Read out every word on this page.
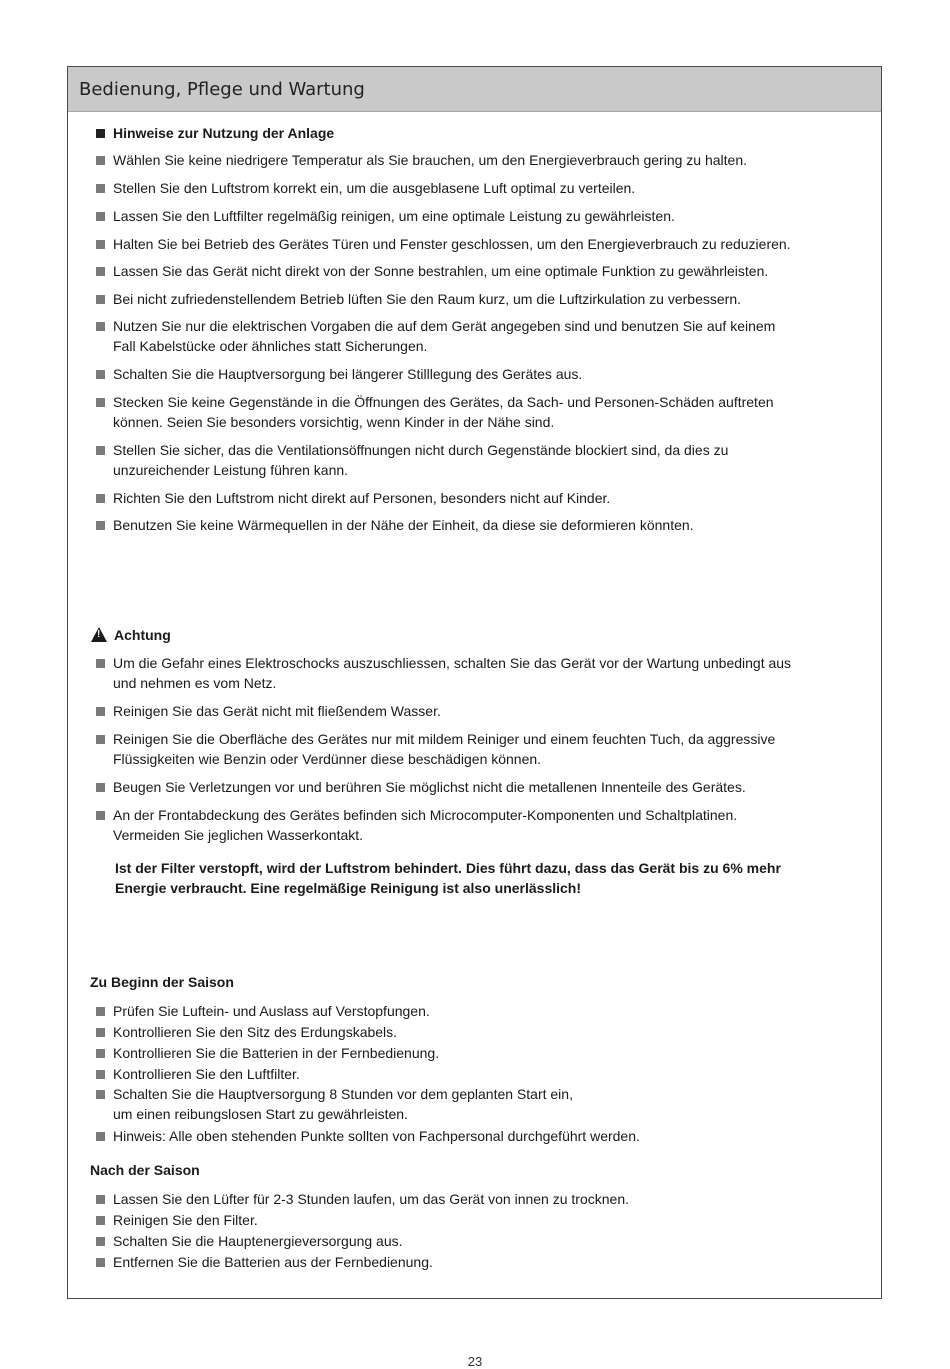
Bedienung, Pflege und Wartung
Hinweise zur Nutzung der Anlage
Wählen Sie keine niedrigere Temperatur als Sie brauchen, um den Energieverbrauch gering zu halten.
Stellen Sie den Luftstrom korrekt ein, um die ausgeblasene Luft optimal zu verteilen.
Lassen Sie den Luftfilter regelmäßig reinigen, um eine optimale Leistung zu gewährleisten.
Halten Sie bei Betrieb des Gerätes Türen und Fenster geschlossen, um den Energieverbrauch zu reduzieren.
Lassen Sie das Gerät nicht direkt von der Sonne bestrahlen, um eine optimale Funktion zu gewährleisten.
Bei nicht zufriedenstellendem Betrieb lüften Sie den Raum kurz, um die Luftzirkulation zu verbessern.
Nutzen Sie nur die elektrischen Vorgaben die auf dem Gerät angegeben sind und benutzen Sie auf keinem
Fall Kabelstücke oder ähnliches statt Sicherungen.
Schalten Sie die Hauptversorgung bei längerer Stilllegung des Gerätes aus.
Stecken Sie keine Gegenstände in die Öffnungen des Gerätes, da Sach- und Personen-Schäden auftreten
können. Seien Sie besonders vorsichtig, wenn Kinder in der Nähe sind.
Stellen Sie sicher, das die Ventilationsöffnungen nicht durch Gegenstände blockiert sind, da dies zu
unzureichender Leistung führen kann.
Richten Sie den Luftstrom nicht direkt auf Personen, besonders nicht auf Kinder.
Benutzen Sie keine Wärmequellen in der Nähe der Einheit, da diese sie deformieren könnten.
!Achtung
Um die Gefahr eines Elektroschocks auszuschliessen, schalten Sie das Gerät vor der Wartung unbedingt aus
und nehmen es vom Netz.
Reinigen Sie das Gerät nicht mit fließendem Wasser.
Reinigen Sie die Oberfläche des Gerätes nur mit mildem Reiniger und einem feuchten Tuch, da aggressive
Flüssigkeiten wie Benzin oder Verdünner diese beschädigen können.
Beugen Sie Verletzungen vor und berühren Sie möglichst nicht die metallenen Innenteile des Gerätes.
An der Frontabdeckung des Gerätes befinden sich Microcomputer-Komponenten und Schaltplatinen.
Vermeiden Sie jeglichen Wasserkontakt.
Ist der Filter verstopft, wird der Luftstrom behindert. Dies führt dazu, dass das Gerät bis zu 6% mehr
Energie verbraucht. Eine regelmäßige Reinigung ist also unerlässlich!
Zu Beginn der Saison
Prüfen Sie Luftein- und Auslass auf Verstopfungen.
Kontrollieren Sie den Sitz des Erdungskabels.
Kontrollieren Sie die Batterien in der Fernbedienung.
Kontrollieren Sie den Luftfilter.
Schalten Sie die Hauptversorgung 8 Stunden vor dem geplanten Start ein,
um einen reibungslosen Start zu gewährleisten.
Hinweis: Alle oben stehenden Punkte sollten von Fachpersonal durchgeführt werden.
Nach der Saison
Lassen Sie den Lüfter für 2-3 Stunden laufen, um das Gerät von innen zu trocknen.
Reinigen Sie den Filter.
Schalten Sie die Hauptenergieversorgung aus.
Entfernen Sie die Batterien aus der Fernbedienung.
23
